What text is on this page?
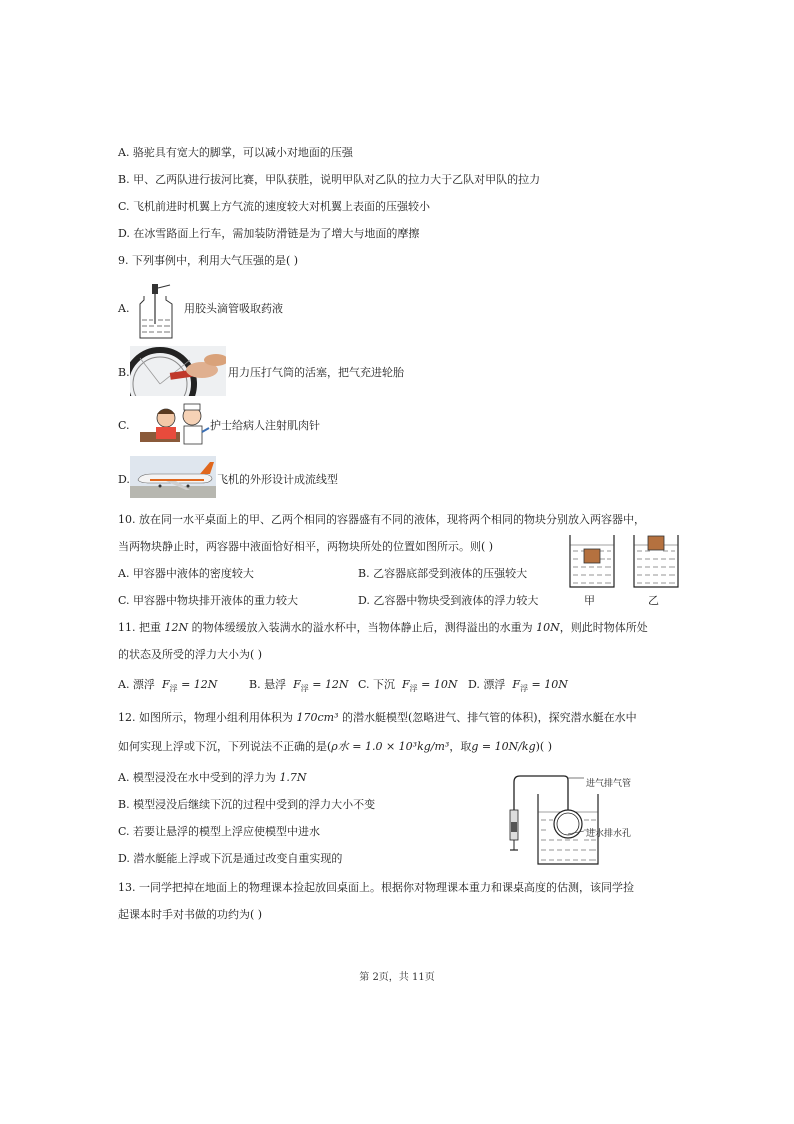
A. 骆驼具有宽大的脚掌，可以减小对地面的压强
B. 甲、乙两队进行拔河比赛，甲队获胜，说明甲队对乙队的拉力大于乙队对甲队的拉力
C. 飞机前进时机翼上方气流的速度较大对机翼上表面的压强较小
D. 在冰雪路面上行车，需加装防滑链是为了增大与地面的摩擦
9. 下列事例中，利用大气压强的是( )
A.	用胶头滴管吸取药液
B.	用力压打气筒的活塞，把气充进轮胎
C.	护士给病人注射肌肉针
D.	飞机的外形设计成流线型
10. 放在同一水平桌面上的甲、乙两个相同的容器盛有不同的液体，现将两个相同的物块分别放入两容器中，
当两物块静止时，两容器中液面恰好相平，两物块所处的位置如图所示。则( )
A. 甲容器中液体的密度较大	B. 乙容器底部受到液体的压强较大
C. 甲容器中物块排开液体的重力较大	D. 乙容器中物块受到液体的浮力较大	甲	乙
11. 把重 12N 的物体缓缓放入装满水的溢水杯中，当物体静止后，测得溢出的水重为 10N，则此时物体所处
的状态及所受的浮力大小为( )
A. 漂浮 $F_浮 = 12N$	B. 悬浮 $F_浮 = 12N$ C. 下沉 $F_浮 = 10N$ D. 漂浮 $F_浮 = 10N$
12. 如图所示，物理小组利用体积为 170cm³ 的潜水艇模型(忽略进气、排气管的体积)，探究潜水艇在水中
如何实现上浮或下沉，下列说法不正确的是(ρ水 = 1.0 × 10³kg/m³，取g = 10N/kg)( )
A. 模型浸没在水中受到的浮力为 1.7N
B. 模型浸没后继续下沉的过程中受到的浮力大小不变
C. 若要让悬浮的模型上浮应使模型中进水
D. 潜水艇能上浮或下沉是通过改变自重实现的
进气排气管
进水排水孔
13. 一同学把掉在地面上的物理课本捡起放回桌面上。根据你对物理课本重力和课桌高度的估测，该同学捡
起课本时手对书做的功约为( )
第 2页，共 11页
